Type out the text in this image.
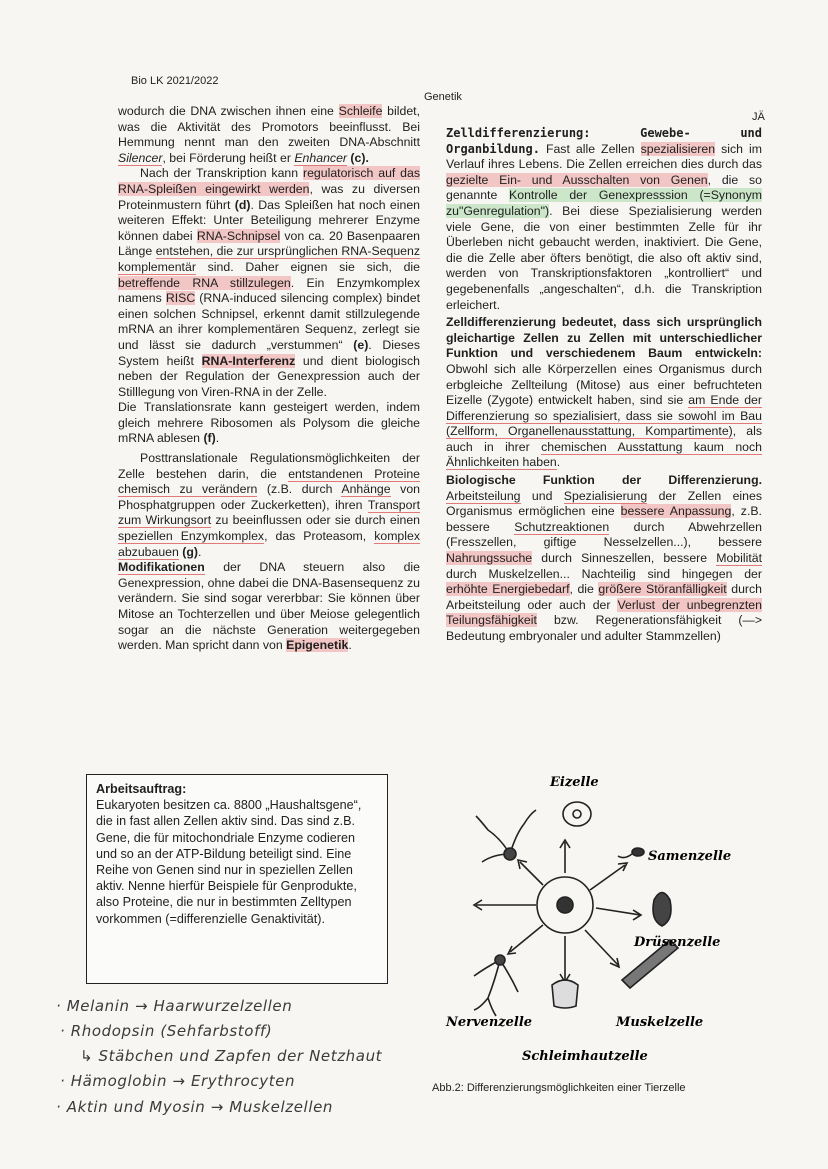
Bio LK 2021/2022
Genetik
JÄ

wodurch die DNA zwischen ihnen eine Schleife bildet, was die Aktivität des Promotors beeinflusst. Bei Hemmung nennt man den zweiten DNA-Abschnitt Silencer, bei Förderung heißt er Enhancer (c).

Nach der Transkription kann regulatorisch auf das RNA-Spleißen eingewirkt werden, was zu diversen Proteinmustern führt (d). Das Spleißen hat noch einen weiteren Effekt: Unter Beteiligung mehrerer Enzyme können dabei RNA-Schnipsel von ca. 20 Basenpaaren Länge entstehen, die zur ursprünglichen RNA-Sequenz komplementär sind. Daher eignen sie sich, die betreffende RNA stillzulegen. Ein Enzymkomplex namens RISC (RNA-induced silencing complex) bindet einen solchen Schnipsel, erkennt damit stillzulegende mRNA an ihrer komplementären Sequenz, zerlegt sie und lässt sie dadurch „verstummen“ (e). Dieses System heißt RNA-Interferenz und dient biologisch neben der Regulation der Genexpression auch der Stilllegung von Viren-RNA in der Zelle.

Die Translationsrate kann gesteigert werden, indem gleich mehrere Ribosomen als Polysom die gleiche mRNA ablesen (f).

Posttranslationale Regulationsmöglichkeiten der Zelle bestehen darin, die entstandenen Proteine chemisch zu verändern (z.B. durch Anhänge von Phosphatgruppen oder Zuckerketten), ihren Transport zum Wirkungsort zu beeinflussen oder sie durch einen speziellen Enzymkomplex, das Proteasom, komplex abzubauen (g).

Modifikationen der DNA steuern also die Genexpression, ohne dabei die DNA-Basensequenz zu verändern. Sie sind sogar vererbbar: Sie können über Mitose an Tochterzellen und über Meiose gelegentlich sogar an die nächste Generation weitergegeben werden. Man spricht dann von Epigenetik.

Zelldifferenzierung: Gewebe- und Organbildung. Fast alle Zellen spezialisieren sich im Verlauf ihres Lebens. Die Zellen erreichen dies durch das gezielte Ein- und Ausschalten von Genen, die so genannte Kontrolle der Genexpresssion (=Synonym zu"Genregulation"). Bei diese Spezialisierung werden viele Gene, die von einer bestimmten Zelle für ihr Überleben nicht gebaucht werden, inaktiviert. Die Gene, die die Zelle aber öfters benötigt, die also oft aktiv sind, werden von Transkriptionsfaktoren „kontrolliert“ und gegebenenfalls „angeschalten“, d.h. die Transkription erleichert.

Zelldifferenzierung bedeutet, dass sich ursprünglich gleichartige Zellen zu Zellen mit unterschiedlicher Funktion und verschiedenem Baum entwickeln: Obwohl sich alle Körperzellen eines Organismus durch erbgleiche Zellteilung (Mitose) aus einer befruchteten Eizelle (Zygote) entwickelt haben, sind sie am Ende der Differenzierung so spezialisiert, dass sie sowohl im Bau (Zellform, Organellenausstattung, Kompartimente), als auch in ihrer chemischen Ausstattung kaum noch Ähnlichkeiten haben.

Biologische Funktion der Differenzierung. Arbeitsteilung und Spezialisierung der Zellen eines Organismus ermöglichen eine bessere Anpassung, z.B. bessere Schutzreaktionen durch Abwehrzellen (Fresszellen, giftige Nesselzellen...), bessere Nahrungssuche durch Sinneszellen, bessere Mobilität durch Muskelzellen... Nachteilig sind hingegen der erhöhte Energiebedarf, die größere Störanfälligkeit durch Arbeitsteilung oder auch der Verlust der unbegrenzten Teilungsfähigkeit bzw. Regenerationsfähigkeit (—> Bedeutung embryonaler und adulter Stammzellen)

Arbeitsauftrag:
Eukaryoten besitzen ca. 8800 „Haushaltsgene“, die in fast allen Zellen aktiv sind. Das sind z.B. Gene, die für mitochondriale Enzyme codieren und so an der ATP-Bildung beteiligt sind. Eine Reihe von Genen sind nur in speziellen Zellen aktiv. Nenne hierfür Beispiele für Genprodukte, also Proteine, die nur in bestimmten Zelltypen vorkommen (=differenzielle Genaktivität).
· Melanin → Haarwurzelzellen
· Rhodopsin (Sehfarbstoff)
↳ Stäbchen und Zapfen der Netzhaut
· Hämoglobin → Erythrocyten
· Aktin und Myosin → Muskelzellen
Eizelle
Samenzelle
Drüsenzelle
Muskelzelle
Schleimhautzelle
Nervenzelle
Abb.2: Differenzierungsmöglichkeiten einer Tierzelle
